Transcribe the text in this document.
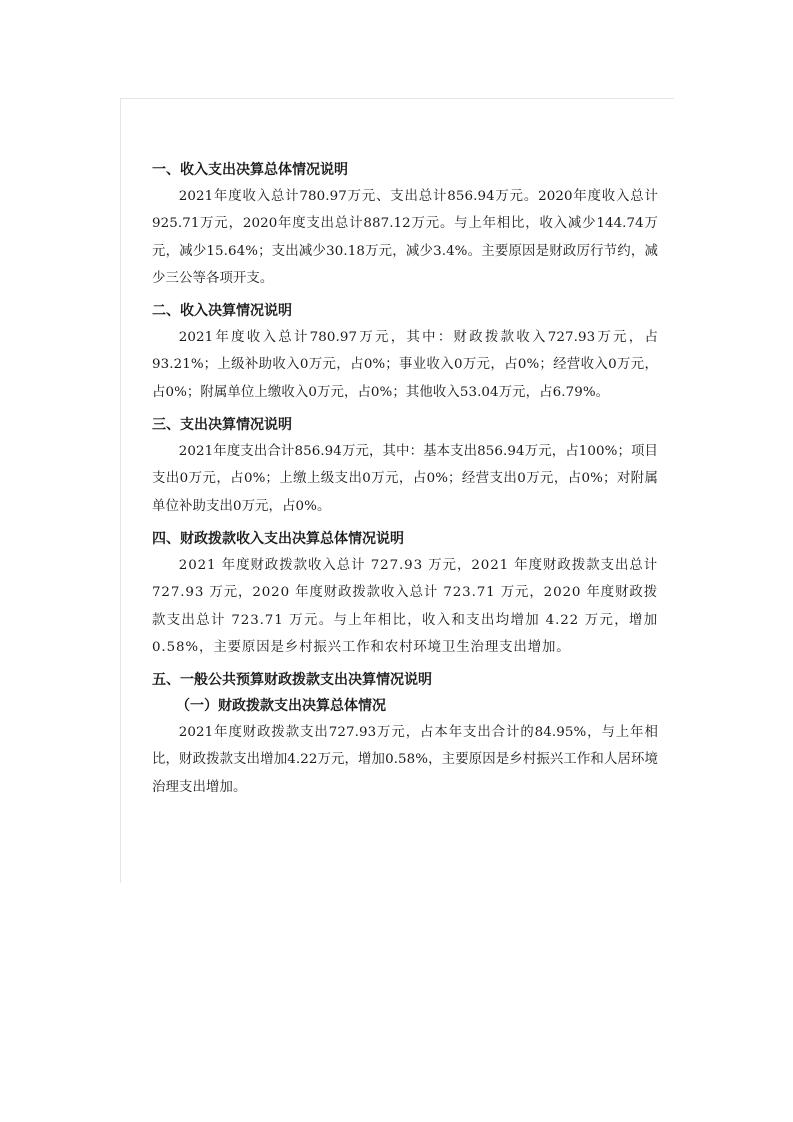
一、收入支出决算总体情况说明

2021年度收入总计780.97万元、支出总计856.94万元。2020年度收入总计925.71万元，2020年度支出总计887.12万元。与上年相比，收入减少144.74万元，减少15.64%；支出减少30.18万元，减少3.4%。主要原因是财政厉行节约，减少三公等各项开支。

二、收入决算情况说明

2021年度收入总计780.97万元，其中：财政拨款收入727.93万元，占93.21%；上级补助收入0万元，占0%；事业收入0万元，占0%；经营收入0万元，占0%；附属单位上缴收入0万元，占0%；其他收入53.04万元，占6.79%。

三、支出决算情况说明

2021年度支出合计856.94万元，其中：基本支出856.94万元，占100%；项目支出0万元，占0%；上缴上级支出0万元，占0%；经营支出0万元，占0%；对附属单位补助支出0万元，占0%。

四、财政拨款收入支出决算总体情况说明

2021 年度财政拨款收入总计 727.93 万元，2021 年度财政拨款支出总计 727.93 万元，2020 年度财政拨款收入总计 723.71 万元，2020 年度财政拨款支出总计 723.71 万元。与上年相比，收入和支出均增加 4.22 万元，增加 0.58%，主要原因是乡村振兴工作和农村环境卫生治理支出增加。

五、一般公共预算财政拨款支出决算情况说明
（一）财政拨款支出决算总体情况

2021年度财政拨款支出727.93万元，占本年支出合计的84.95%，与上年相比，财政拨款支出增加4.22万元，增加0.58%，主要原因是乡村振兴工作和人居环境治理支出增加。
